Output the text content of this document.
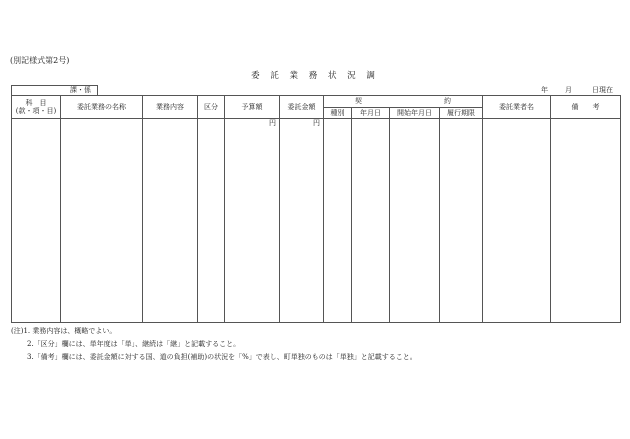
(別記様式第2号)
委 託 業 務 状 況 調
課・係	年 月	日現在
科　目
(款・項・目)	委託業務の名称	業務内容	区分	予算額	委託金額	契 約				委託業者名	備　　考
						種別	年月日	開始年月日	履行期限		

				円	円						

(注)1. 業務内容は、概略でよい。
2.「区分」欄には、単年度は「単」、継続は「継」と記載すること。
3.「備考」欄には、委託金額に対する国、道の負担(補助)の状況を「%」で表し、町単独のものは「単独」と記載すること。
